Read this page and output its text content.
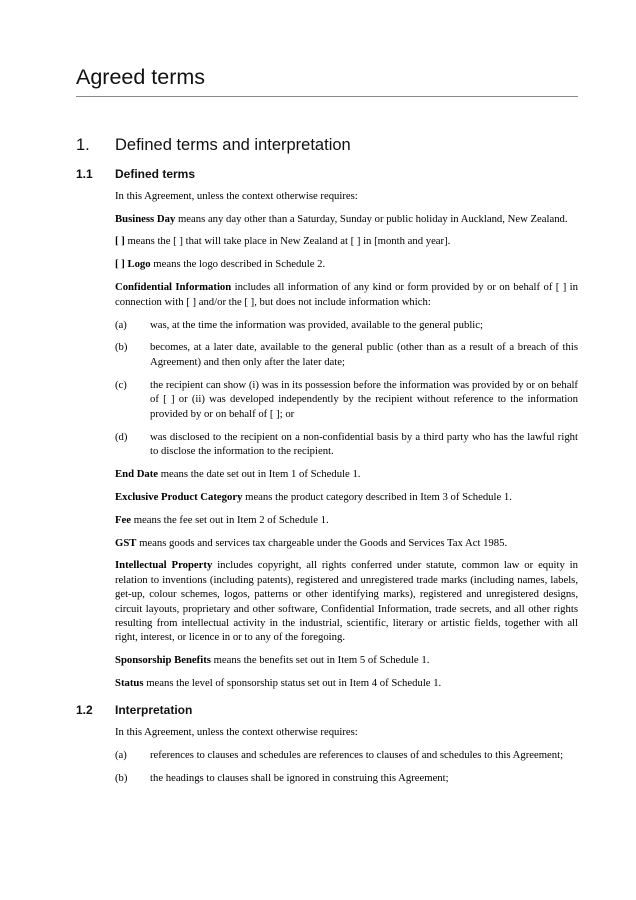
Agreed terms
1.	Defined terms and interpretation
1.1	Defined terms

In this Agreement, unless the context otherwise requires:

Business Day means any day other than a Saturday, Sunday or public holiday in Auckland, New Zealand.

[ ] means the [ ] that will take place in New Zealand at [ ] in [month and year].

[ ] Logo means the logo described in Schedule 2.

Confidential Information includes all information of any kind or form provided by or on behalf of [ ] in connection with [ ] and/or the [ ], but does not include information which:

(a)	was, at the time the information was provided, available to the general public;
(b)	becomes, at a later date, available to the general public (other than as a result of a breach of this Agreement) and then only after the later date;
(c)	the recipient can show (i) was in its possession before the information was provided by or on behalf of [ ] or (ii) was developed independently by the recipient without reference to the information provided by or on behalf of [ ]; or
(d)	was disclosed to the recipient on a non-confidential basis by a third party who has the lawful right to disclose the information to the recipient.

End Date means the date set out in Item 1 of Schedule 1.

Exclusive Product Category means the product category described in Item 3 of Schedule 1.

Fee means the fee set out in Item 2 of Schedule 1.

GST means goods and services tax chargeable under the Goods and Services Tax Act 1985.

Intellectual Property includes copyright, all rights conferred under statute, common law or equity in relation to inventions (including patents), registered and unregistered trade marks (including names, labels, get-up, colour schemes, logos, patterns or other identifying marks), registered and unregistered designs, circuit layouts, proprietary and other software, Confidential Information, trade secrets, and all other rights resulting from intellectual activity in the industrial, scientific, literary or artistic fields, together with all right, interest, or licence in or to any of the foregoing.

Sponsorship Benefits means the benefits set out in Item 5 of Schedule 1.

Status means the level of sponsorship status set out in Item 4 of Schedule 1.

1.2	Interpretation

In this Agreement, unless the context otherwise requires:

(a)	references to clauses and schedules are references to clauses of and schedules to this Agreement;
(b)	the headings to clauses shall be ignored in construing this Agreement;
